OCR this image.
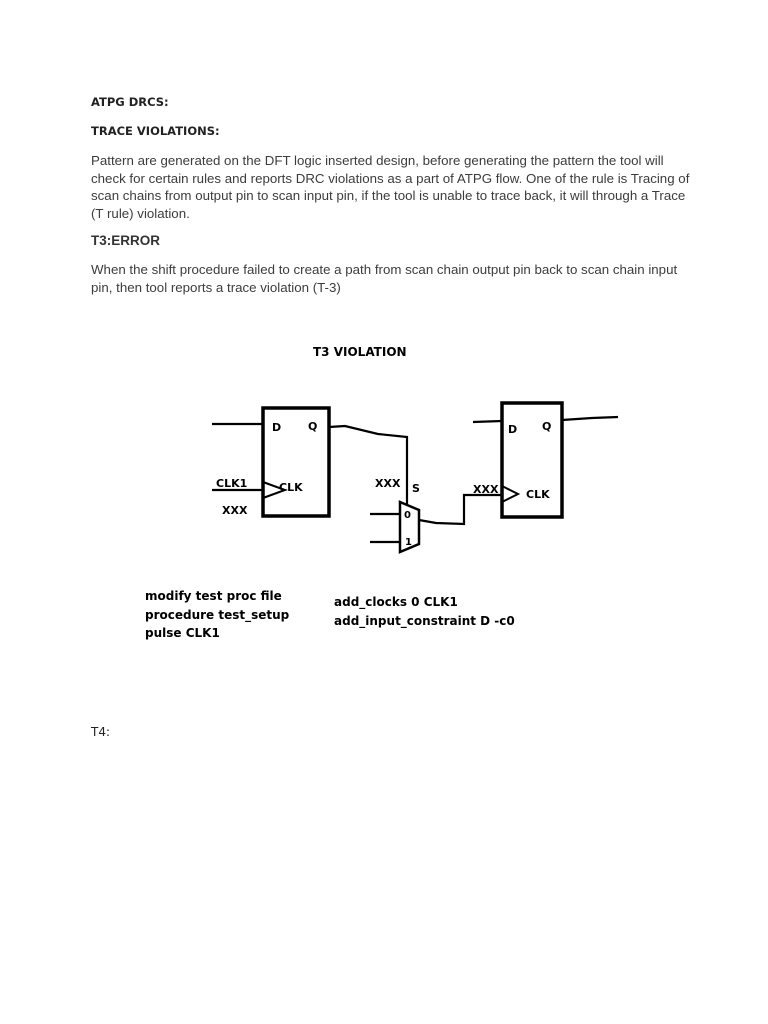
ATPG DRCS:
TRACE VIOLATIONS:

Pattern are generated on the DFT logic inserted design, before generating the pattern the tool will check for certain rules and reports DRC violations as a part of ATPG flow. One of the rule is Tracing of scan chains from output pin to scan input pin, if the tool is unable to trace back, it will through a Trace (T rule) violation.

T3:ERROR

When the shift procedure failed to create a path from scan chain output pin back to scan chain input pin, then tool reports a trace violation (T-3)

T3 VIOLATION
D Q
CLK
CLK1
XXX
XXX S
0
1
D Q
CLK
XXX
modify test proc file
procedure test_setup
pulse CLK1
add_clocks 0 CLK1
add_input_constraint D -c0

T4:
